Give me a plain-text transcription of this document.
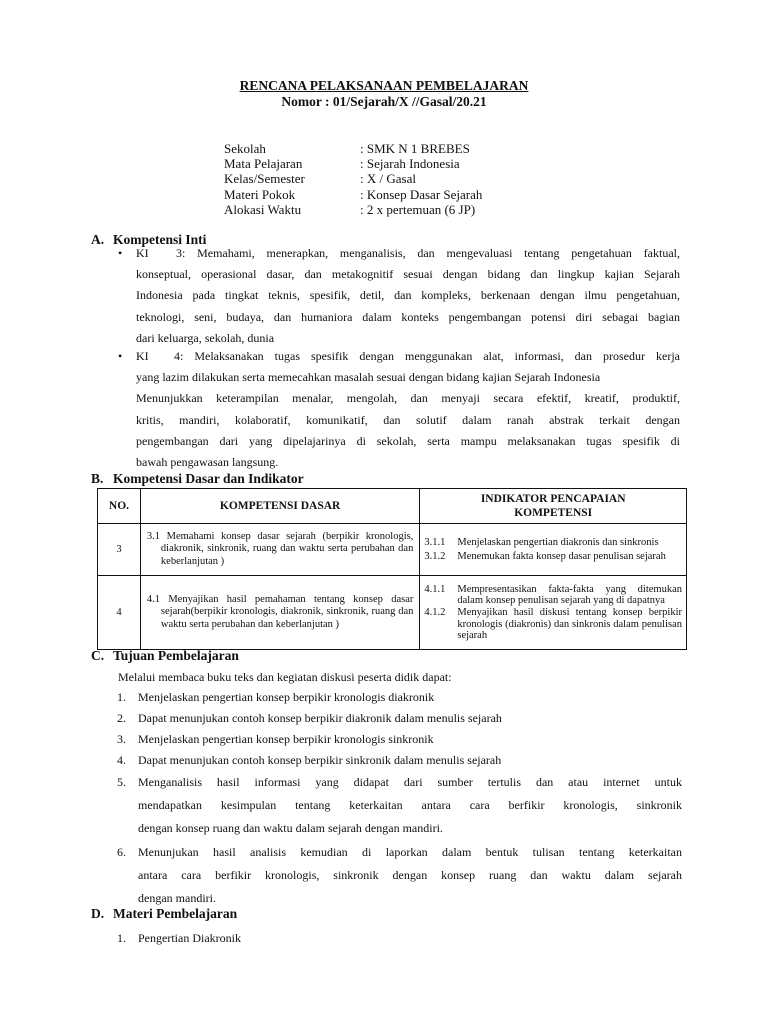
RENCANA PELAKSANAAN PEMBELAJARAN
Nomor : 01/Sejarah/X //Gasal/20.21
Sekolah	: SMK N 1 BREBES
Mata Pelajaran	: Sejarah Indonesia
Kelas/Semester	: X / Gasal
Materi Pokok	: Konsep Dasar Sejarah
Alokasi Waktu	: 2 x pertemuan (6 JP)
A. Kompetensi Inti
• KI 3: Memahami, menerapkan, menganalisis, dan mengevaluasi tentang pengetahuan faktual,
konseptual, operasional dasar, dan metakognitif sesuai dengan bidang dan lingkup kajian Sejarah
Indonesia pada tingkat teknis, spesifik, detil, dan kompleks, berkenaan dengan ilmu pengetahuan,
teknologi, seni, budaya, dan humaniora dalam konteks pengembangan potensi diri sebagai bagian
dari keluarga, sekolah, dunia
• KI 4: Melaksanakan tugas spesifik dengan menggunakan alat, informasi, dan prosedur kerja
yang lazim dilakukan serta memecahkan masalah sesuai dengan bidang kajian Sejarah Indonesia
Menunjukkan keterampilan menalar, mengolah, dan menyaji secara efektif, kreatif, produktif,
kritis, mandiri, kolaboratif, komunikatif, dan solutif dalam ranah abstrak terkait dengan
pengembangan dari yang dipelajarinya di sekolah, serta mampu melaksanakan tugas spesifik di
bawah pengawasan langsung.
B. Kompetensi Dasar dan Indikator
NO.	KOMPETENSI DASAR	INDIKATOR PENCAPAIAN KOMPETENSI
3	3.1 Memahami konsep dasar sejarah (berpikir kronologis, diakronik, sinkronik, ruang dan waktu serta perubahan dan keberlanjutan )	3.1.1 Menjelaskan pengertian diakronis dan sinkronis
3.1.2 Menemukan fakta konsep dasar penulisan sejarah

4	4.1 Menyajikan hasil pemahaman tentang konsep dasar sejarah(berpikir kronologis, diakronik, sinkronik, ruang dan waktu serta perubahan dan keberlanjutan )	4.1.1 Mempresentasikan fakta-fakta yang ditemukan dalam konsep penulisan sejarah yang di dapatnya
4.1.2 Menyajikan hasil diskusi tentang konsep berpikir kronologis (diakronis) dan sinkronis dalam penulisan sejarah
C. Tujuan Pembelajaran
Melalui membaca buku teks dan kegiatan diskusi peserta didik dapat:
1. Menjelaskan pengertian konsep berpikir kronologis diakronik
2. Dapat menunjukan contoh konsep berpikir diakronik dalam menulis sejarah
3. Menjelaskan pengertian konsep berpikir kronologis sinkronik
4. Dapat menunjukan contoh konsep berpikir sinkronik dalam menulis sejarah
5. Menganalisis hasil informasi yang didapat dari sumber tertulis dan atau internet untuk
mendapatkan kesimpulan tentang keterkaitan antara cara berfikir kronologis, sinkronik
dengan konsep ruang dan waktu dalam sejarah dengan mandiri.
6. Menunjukan hasil analisis kemudian di laporkan dalam bentuk tulisan tentang keterkaitan
antara cara berfikir kronologis, sinkronik dengan konsep ruang dan waktu dalam sejarah
dengan mandiri.
D. Materi Pembelajaran
1. Pengertian Diakronik
